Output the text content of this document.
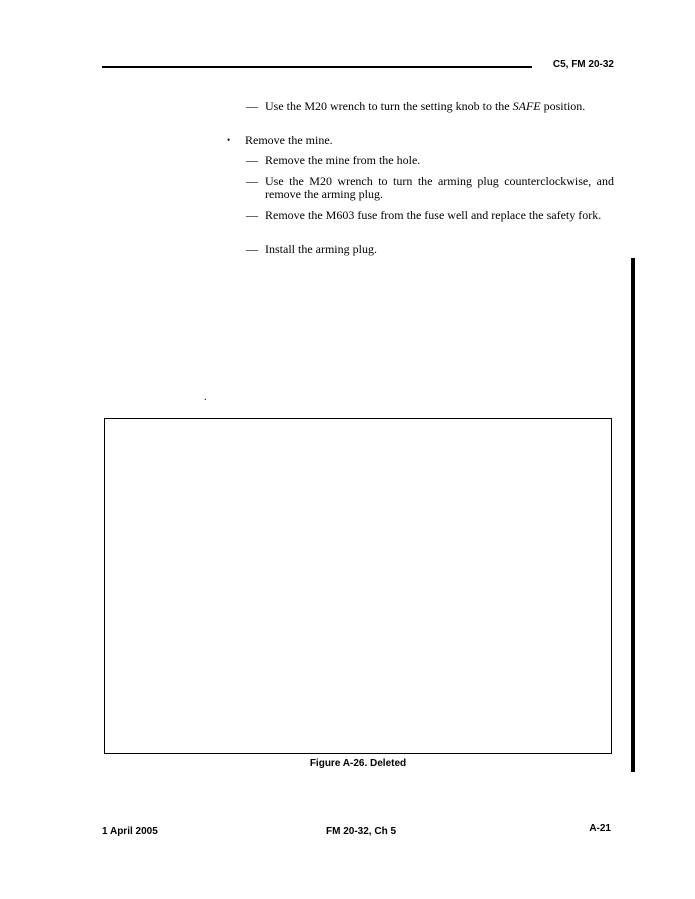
C5, FM 20-32
— Use the M20 wrench to turn the setting knob to the SAFE position.
• Remove the mine.
— Remove the mine from the hole.
— Use the M20 wrench to turn the arming plug counterclockwise, and remove the arming plug.
— Remove the M603 fuse from the fuse well and replace the safety fork.
— Install the arming plug.
.
Figure A-26. Deleted
1 April 2005	FM 20-32, Ch 5	A-21
